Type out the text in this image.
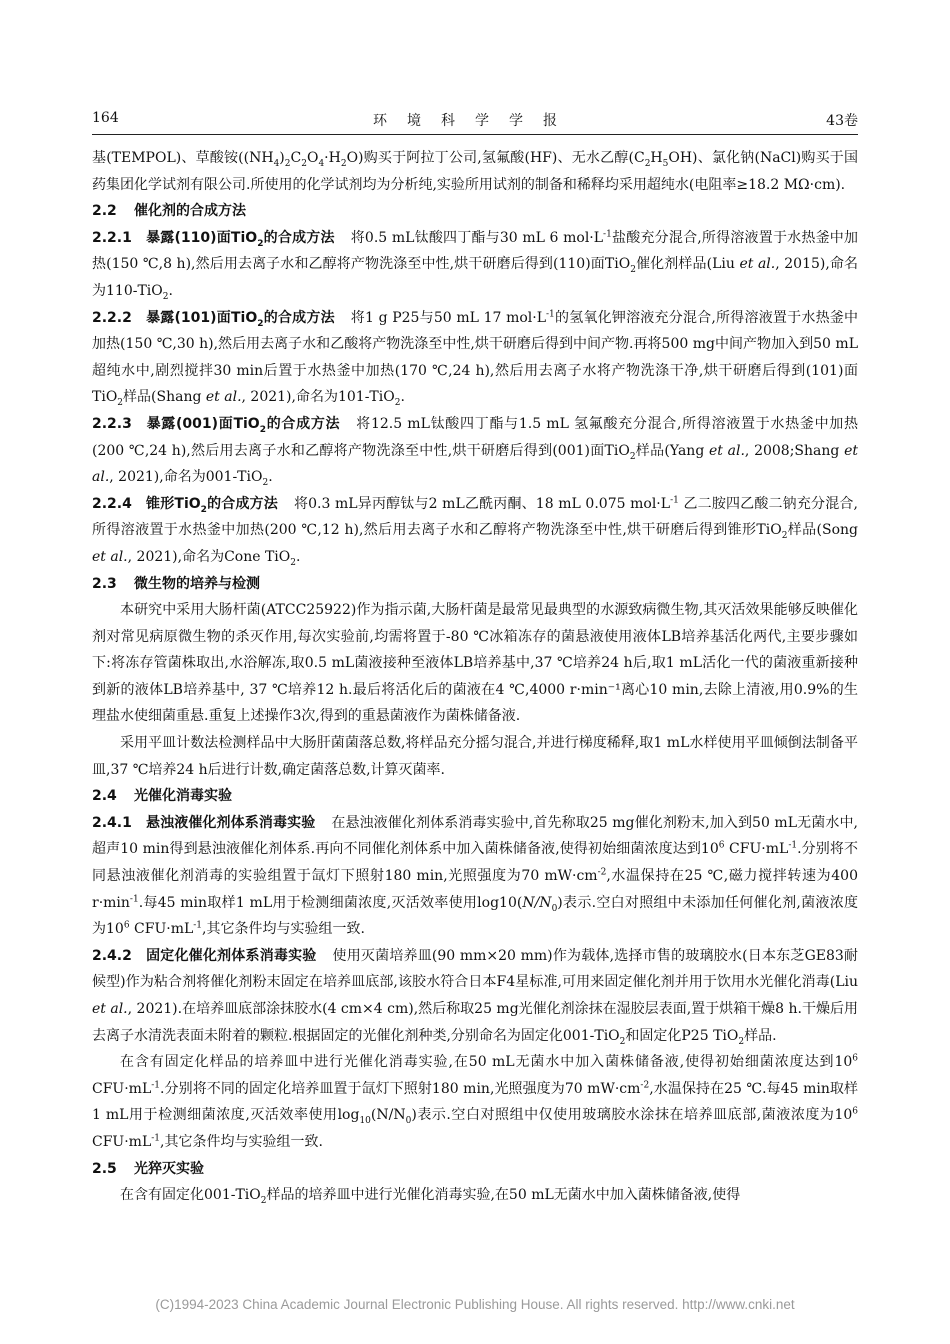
164	环境科学学报	43卷

基(TEMPOL)、草酸铵$((NH_4)_2C_2O_4\cdot H_2O)$购买于阿拉丁公司,氢氟酸(HF)、无水乙醇$(C_2H_5OH)$、氯化钠(NaCl)购买于国药集团化学试剂有限公司.所使用的化学试剂均为分析纯,实验所用试剂的制备和稀释均采用超纯水(电阻率≥18.2 MΩ·cm).

2.2 催化剂的合成方法

2.2.1 暴露(110)面TiO$_2$的合成方法 将0.5 mL钛酸四丁酯与30 mL 6 $mol\cdot L^{-1}$盐酸充分混合,所得溶液置于水热釜中加热(150 ℃,8 h),然后用去离子水和乙醇将产物洗涤至中性,烘干研磨后得到(110)面TiO$_2$催化剂样品(Liu et al., 2015),命名为110-TiO$_2$.

2.2.2 暴露(101)面TiO$_2$的合成方法 将1 g P25与50 mL 17 $mol\cdot L^{-1}$的氢氧化钾溶液充分混合,所得溶液置于水热釜中加热(150 ℃,30 h),然后用去离子水和乙酸将产物洗涤至中性,烘干研磨后得到中间产物.再将500 mg中间产物加入到50 mL超纯水中,剧烈搅拌30 min后置于水热釜中加热(170 ℃,24 h),然后用去离子水将产物洗涤干净,烘干研磨后得到(101)面TiO$_2$样品(Shang et al., 2021),命名为101-TiO$_2$.

2.2.3 暴露(001)面TiO$_2$的合成方法 将12.5 mL钛酸四丁酯与1.5 mL 氢氟酸充分混合,所得溶液置于水热釜中加热(200 ℃,24 h),然后用去离子水和乙醇将产物洗涤至中性,烘干研磨后得到(001)面TiO$_2$样品(Yang et al., 2008;Shang et al., 2021),命名为001-TiO$_2$.

2.2.4 锥形TiO$_2$的合成方法 将0.3 mL异丙醇钛与2 mL乙酰丙酮、18 mL 0.075 $mol\cdot L^{-1}$ 乙二胺四乙酸二钠充分混合,所得溶液置于水热釜中加热(200 ℃,12 h),然后用去离子水和乙醇将产物洗涤至中性,烘干研磨后得到锥形TiO$_2$样品(Song et al., 2021),命名为Cone TiO$_2$.

2.3 微生物的培养与检测

本研究中采用大肠杆菌(ATCC25922)作为指示菌,大肠杆菌是最常见最典型的水源致病微生物,其灭活效果能够反映催化剂对常见病原微生物的杀灭作用,每次实验前,均需将置于-80 ℃冰箱冻存的菌悬液使用液体LB培养基活化两代,主要步骤如下:将冻存管菌株取出,水浴解冻,取0.5 mL菌液接种至液体LB培养基中,37 ℃培养24 h后,取1 mL活化一代的菌液重新接种到新的液体LB培养基中, 37 ℃培养12 h.最后将活化后的菌液在4 ℃,4000 r·min⁻¹离心10 min,去除上清液,用0.9%的生理盐水使细菌重悬.重复上述操作3次,得到的重悬菌液作为菌株储备液.

采用平皿计数法检测样品中大肠肝菌菌落总数,将样品充分摇匀混合,并进行梯度稀释,取1 mL水样使用平皿倾倒法制备平皿,37 ℃培养24 h后进行计数,确定菌落总数,计算灭菌率.

2.4 光催化消毒实验

2.4.1 悬浊液催化剂体系消毒实验 在悬浊液催化剂体系消毒实验中,首先称取25 mg催化剂粉末,加入到50 mL无菌水中,超声10 min得到悬浊液催化剂体系.再向不同催化剂体系中加入菌株储备液,使得初始细菌浓度达到$10^6$ $CFU\cdot mL^{-1}$.分别将不同悬浊液催化剂消毒的实验组置于氙灯下照射180 min,光照强度为70 $mW\cdot cm^{-2}$,水温保持在25 ℃,磁力搅拌转速为400 $r\cdot\min^{-1}$.每45 min取样1 mL用于检测细菌浓度,灭活效率使用$\log 10(N/N_0)$表示.空白对照组中未添加任何催化剂,菌液浓度为$10^6$ $CFU\cdot mL^{-1}$,其它条件均与实验组一致.

2.4.2 固定化催化剂体系消毒实验 使用灭菌培养皿(90 mm×20 mm)作为载体,选择市售的玻璃胶水(日本东芝GE83耐候型)作为粘合剂将催化剂粉末固定在培养皿底部,该胶水符合日本F4星标准,可用来固定催化剂并用于饮用水光催化消毒(Liu et al., 2021).在培养皿底部涂抹胶水(4 cm×4 cm),然后称取25 mg光催化剂涂抹在湿胶层表面,置于烘箱干燥8 h.干燥后用去离子水清洗表面未附着的颗粒.根据固定的光催化剂种类,分别命名为固定化001-TiO$_2$和固定化P25 TiO$_2$样品.

在含有固定化样品的培养皿中进行光催化消毒实验,在50 mL无菌水中加入菌株储备液,使得初始细菌浓度达到$10^6$ $CFU\cdot mL^{-1}$.分别将不同的固定化培养皿置于氙灯下照射180 min,光照强度为70 $mW\cdot cm^{-2}$,水温保持在25 ℃.每45 min取样1 mL用于检测细菌浓度,灭活效率使用$\log_{10}(N/N_0)$表示.空白对照组中仅使用玻璃胶水涂抹在培养皿底部,菌液浓度为$10^6$ $CFU\cdot mL^{-1}$,其它条件均与实验组一致.

2.5 光猝灭实验

在含有固定化001-TiO$_2$样品的培养皿中进行光催化消毒实验,在50 mL无菌水中加入菌株储备液,使得

(C)1994-2023 China Academic Journal Electronic Publishing House. All rights reserved. http://www.cnki.net
